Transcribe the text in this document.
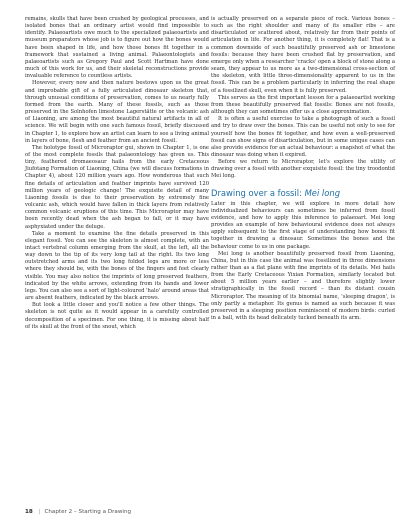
remains, skulls that have been crushed by geological processes, and isolated bones that an ordinary artist would find impossible to identify. Palaeoartists owe much to the specialized palaeoartists and museum preparators whose job is to figure out how the bones would have been shaped in life, and how those bones fit together in a framework that sustained a living animal. Palaeontologists and palaeoartists such as Gregory Paul and Scott Hartman have done much of this work for us, and their skeletal reconstructions provide invaluable reference to countless artists.

However, every now and then nature bestows upon us the great and improbable gift of a fully articulated dinosaur skeleton that, through unusual conditions of preservation, comes to us nearly fully formed from the earth. Many of these fossils, such as those preserved in the Solnhofen limestone Lagerstätte or the volcanic ash of Liaoning, are among the most beautiful natural artifacts in all of science. We will begin with one such famous fossil, briefly discussed in Chapter 1, to explore how an artist can learn to see a living animal in layers of bone, flesh and feather from an ancient fossil.

The holotype fossil of Microraptor gui, shown in Chapter 1, is one of the most complete fossils that palaeontology has given us. This tiny, feathered dromaeosaur hails from the early Cretaceous Jiufotang Formation of Liaoning, China (we will discuss formations in Chapter 4), about 120 million years ago. How wonderous that such fine details of articulation and feather imprints have survived 120 million years of geologic change! The exquisite detail of many Liaoning fossils is due to their preservation by extremely fine volcanic ash, which would have fallen in thick layers from relatively common volcanic eruptions of this time. This Microraptor may have been recently dead when the ash began to fall, or it may have asphyxiated under the deluge.

Take a moment to examine the fine details preserved in this elegant fossil. You can see the skeleton is almost complete, with an intact vertebral column emerging from the skull, at the left, all the way down to the tip of its very long tail at the right. Its two long outstretched arms and its two long folded legs are more or less where they should be, with the bones of the fingers and feet clearly visible. You may also notice the imprints of long preserved feathers, indicated by the white arrows, extending from its hands and lower legs. You can also see a sort of light-coloured 'halo' around areas that are absent feathers, indicated by the black arrows.

But look a little closer and you'll notice a few other things. The skeleton is not quite as it would appear in a carefully controlled decomposition of a specimen. For one thing, it is missing about half of its skull at the front of the snout, which

is actually preserved on a separate piece of rock. Various bones – such as the right shoulder and many of its smaller ribs – are disarticulated or scattered about, relatively far from their points of articulation in life. For another thing, it is completely flat! That is a common downside of such beautifully preserved ash or limestone fossils: because they have been crushed flat by preservation, and emerge only when a researcher 'cracks' open a block of stone along a seam, they appear to us more as a two-dimensional cross-section of the skeleton, with little three-dimensionality apparent to us in the fossil. This can be a problem particularly in inferring the real shape of a fossilized skull, even when it is fully preserved.

This serves as the first important lesson for a palaeoartist working from these beautifully preserved flat fossils: Bones are not fossils, although they can sometimes offer us a close approximation.

It is often a useful exercise to take a photograph of such a fossil and try to draw over the bones. This can be useful not only to see for yourself how the bones fit together, and how even a well-preserved fossil can show signs of disarticulation, but in some unique cases can also provide evidence for an actual behaviour: a snapshot of what the dinosaur was doing when it expired.

Before we return to Microraptor, let's explore the utility of drawing over a fossil with another exquisite fossil: the tiny troodontid Mei long.

Drawing over a fossil: Mei long

Later in this chapter, we will explore in more detail how individualized behaviours can sometimes be inferred from fossil evidence, and how to apply this inference to palaeoart. Mei long provides an example of how behavioural evidence does not always apply subsequent to the first stage of understanding how bones fit together in drawing a dinosaur. Sometimes the bones and the behaviour come to us in one package.

Mei long is another beautifully preserved fossil from Liaoning, China, but in this case the animal was fossilized in three dimensions rather than as a flat plane with fine imprints of its details. Mei hails from the Early Cretaceous Yixian Formation, similarly located but about 5 million years earlier – and therefore slightly lower stratigraphically in the fossil record – than its distant cousin Microraptor. The meaning of its binomial name, 'sleeping dragon', is only partly a metaphor. Its genus is named as such because it was preserved in a sleeping position reminiscent of modern birds: curled in a ball, with its head delicately tucked beneath its arm.

18 | Chapter 2 – Starting a Drawing
